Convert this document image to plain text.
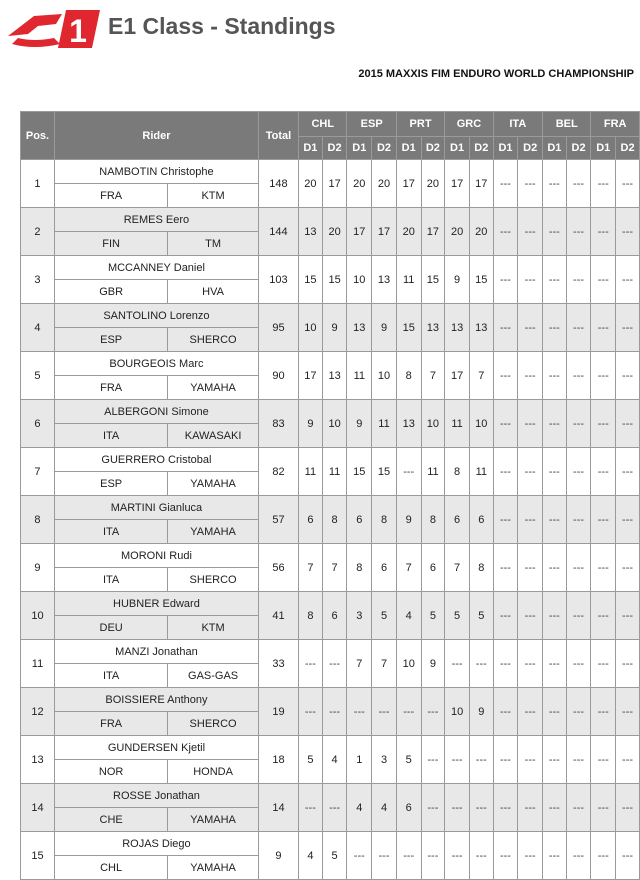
1 E1 Class - Standings
2015 MAXXIS FIM ENDURO WORLD CHAMPIONSHIP
Pos.	Rider		Total	CHL		ESP		PRT		GRC		ITA		BEL		FRA	
				D1	D2	D1	D2	D1	D2	D1	D2	D1	D2	D1	D2	D1	D2
1	NAMBOTIN Christophe		148	20	17	20	20	17	20	17	17	---	---	---	---	---	---
	FRA	KTM															
2	REMES Eero		144	13	20	17	17	20	17	20	20	---	---	---	---	---	---
	FIN	TM															
3	MCCANNEY Daniel		103	15	15	10	13	11	15	9	15	---	---	---	---	---	---
	GBR	HVA															
4	SANTOLINO Lorenzo		95	10	9	13	9	15	13	13	13	---	---	---	---	---	---
	ESP	SHERCO															
5	BOURGEOIS Marc		90	17	13	11	10	8	7	17	7	---	---	---	---	---	---
	FRA	YAMAHA															
6	ALBERGONI Simone		83	9	10	9	11	13	10	11	10	---	---	---	---	---	---
	ITA	KAWASAKI															
7	GUERRERO Cristobal		82	11	11	15	15	---	11	8	11	---	---	---	---	---	---
	ESP	YAMAHA															
8	MARTINI Gianluca		57	6	8	6	8	9	8	6	6	---	---	---	---	---	---
	ITA	YAMAHA															
9	MORONI Rudi		56	7	7	8	6	7	6	7	8	---	---	---	---	---	---
	ITA	SHERCO															
10	HUBNER Edward		41	8	6	3	5	4	5	5	5	---	---	---	---	---	---
	DEU	KTM															
11	MANZI Jonathan		33	---	---	7	7	10	9	---	---	---	---	---	---	---	---
	ITA	GAS-GAS															
12	BOISSIERE Anthony		19	---	---	---	---	---	---	10	9	---	---	---	---	---	---
	FRA	SHERCO															
13	GUNDERSEN Kjetil		18	5	4	1	3	5	---	---	---	---	---	---	---	---	---
	NOR	HONDA															
14	ROSSE Jonathan		14	---	---	4	4	6	---	---	---	---	---	---	---	---	---
	CHE	YAMAHA															
15	ROJAS Diego		9	4	5	---	---	---	---	---	---	---	---	---	---	---	---
	CHL	YAMAHA															
